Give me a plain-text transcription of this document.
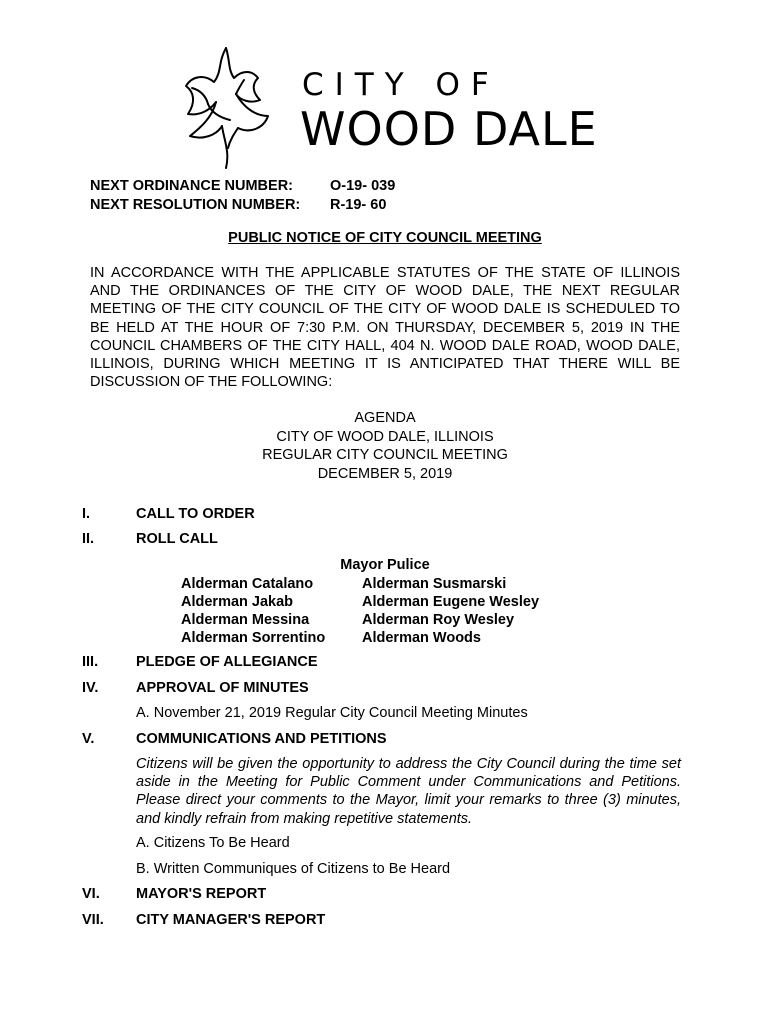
CITY OF
WOOD DALE
NEXT ORDINANCE NUMBER:	O-19- 039
NEXT RESOLUTION NUMBER:	R-19- 60
PUBLIC NOTICE OF CITY COUNCIL MEETING
IN ACCORDANCE WITH THE APPLICABLE STATUTES OF THE STATE OF ILLINOIS AND THE ORDINANCES OF THE CITY OF WOOD DALE, THE NEXT REGULAR MEETING OF THE CITY COUNCIL OF THE CITY OF WOOD DALE IS SCHEDULED TO BE HELD AT THE HOUR OF 7:30 P.M. ON THURSDAY, DECEMBER 5, 2019 IN THE COUNCIL CHAMBERS OF THE CITY HALL, 404 N. WOOD DALE ROAD, WOOD DALE, ILLINOIS, DURING WHICH MEETING IT IS ANTICIPATED THAT THERE WILL BE DISCUSSION OF THE FOLLOWING:
AGENDA
CITY OF WOOD DALE, ILLINOIS
REGULAR CITY COUNCIL MEETING
DECEMBER 5, 2019
I.	CALL TO ORDER
II.	ROLL CALL
Mayor Pulice
Alderman Catalano	Alderman Susmarski
Alderman Jakab	Alderman Eugene Wesley
Alderman Messina	Alderman Roy Wesley
Alderman Sorrentino	Alderman Woods
III.	PLEDGE OF ALLEGIANCE
IV.	APPROVAL OF MINUTES
A. November 21, 2019 Regular City Council Meeting Minutes
V.	COMMUNICATIONS AND PETITIONS
Citizens will be given the opportunity to address the City Council during the time set aside in the Meeting for Public Comment under Communications and Petitions. Please direct your comments to the Mayor, limit your remarks to three (3) minutes, and kindly refrain from making repetitive statements.
A. Citizens To Be Heard
B. Written Communiques of Citizens to Be Heard
VI.	MAYOR'S REPORT
VII.	CITY MANAGER'S REPORT
